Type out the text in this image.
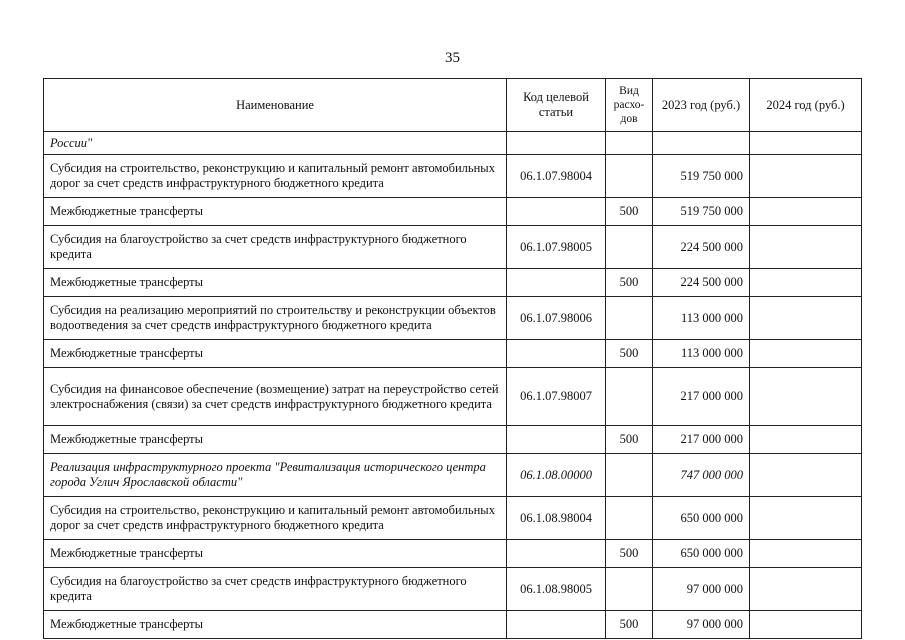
35
Наименование	Код целевой статьи	Вид расхо-дов	2023 год (руб.)	2024 год (руб.)
России"				
Субсидия на строительство, реконструкцию и капитальный ремонт автомобильных дорог за счет средств инфраструктурного бюджетного кредита	06.1.07.98004		519 750 000	
Межбюджетные трансферты		500	519 750 000	
Субсидия на благоустройство за счет средств инфраструктурного бюджетного кредита	06.1.07.98005		224 500 000	
Межбюджетные трансферты		500	224 500 000	
Субсидия на реализацию мероприятий по строительству и реконструкции объектов водоотведения за счет средств инфраструктурного бюджетного кредита	06.1.07.98006		113 000 000	
Межбюджетные трансферты		500	113 000 000	
Субсидия на финансовое обеспечение (возмещение) затрат на переустройство сетей электроснабжения (связи) за счет средств инфраструктурного бюджетного кредита	06.1.07.98007		217 000 000	
Межбюджетные трансферты		500	217 000 000	
Реализация инфраструктурного проекта "Ревитализация исторического центра города Углич Ярославской области"	06.1.08.00000		747 000 000	
Субсидия на строительство, реконструкцию и капитальный ремонт автомобильных дорог за счет средств инфраструктурного бюджетного кредита	06.1.08.98004		650 000 000	
Межбюджетные трансферты		500	650 000 000	
Субсидия на благоустройство за счет средств инфраструктурного бюджетного кредита	06.1.08.98005		97 000 000	
Межбюджетные трансферты		500	97 000 000	
